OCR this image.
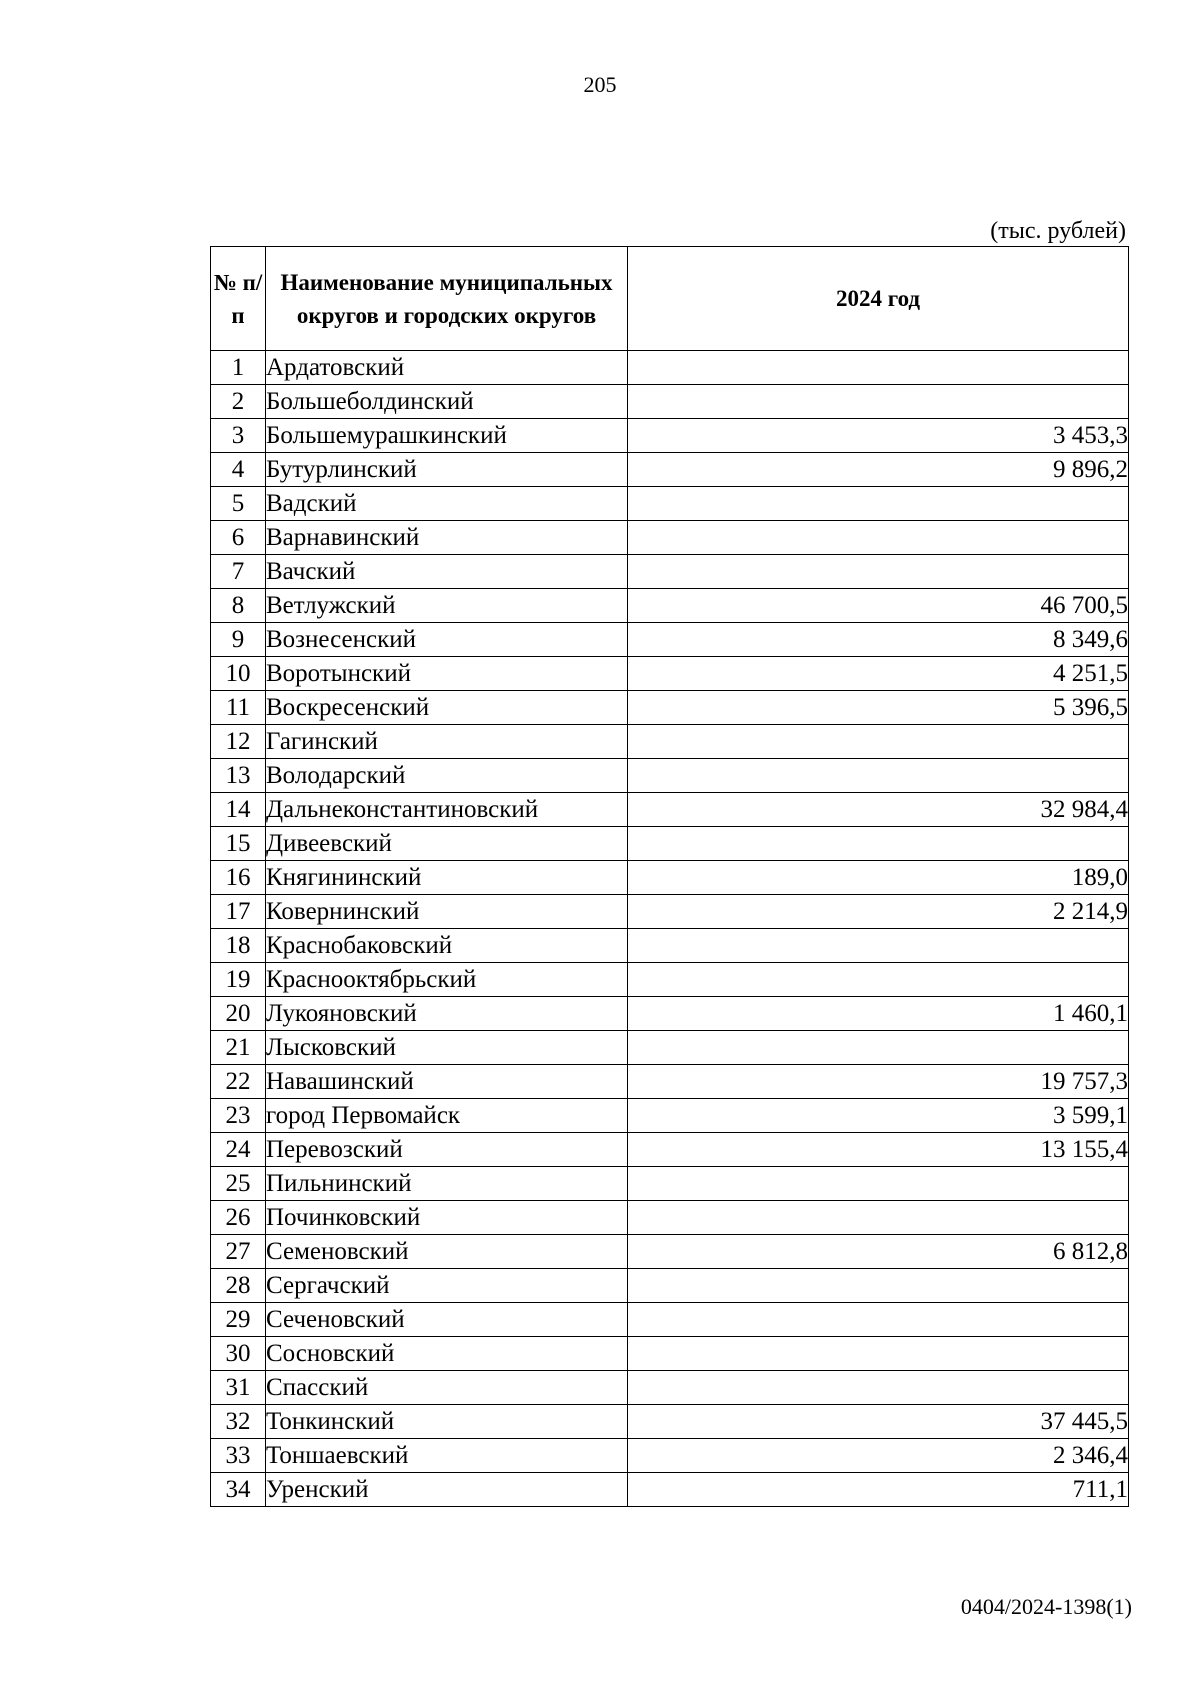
205
(тыс. рублей)
№ п/п	Наименование муниципальных округов и городских округов	2024 год
1	Ардатовский	
2	Большеболдинский	
3	Большемурашкинский	3 453,3
4	Бутурлинский	9 896,2
5	Вадский	
6	Варнавинский	
7	Вачский	
8	Ветлужский	46 700,5
9	Вознесенский	8 349,6
10	Воротынский	4 251,5
11	Воскресенский	5 396,5
12	Гагинский	
13	Володарский	
14	Дальнеконстантиновский	32 984,4
15	Дивеевский	
16	Княгининский	189,0
17	Ковернинский	2 214,9
18	Краснобаковский	
19	Краснооктябрьский	
20	Лукояновский	1 460,1
21	Лысковский	
22	Навашинский	19 757,3
23	город Первомайск	3 599,1
24	Перевозский	13 155,4
25	Пильнинский	
26	Починковский	
27	Семеновский	6 812,8
28	Сергачский	
29	Сеченовский	
30	Сосновский	
31	Спасский	
32	Тонкинский	37 445,5
33	Тоншаевский	2 346,4
34	Уренский	711,1
0404/2024-1398(1)
